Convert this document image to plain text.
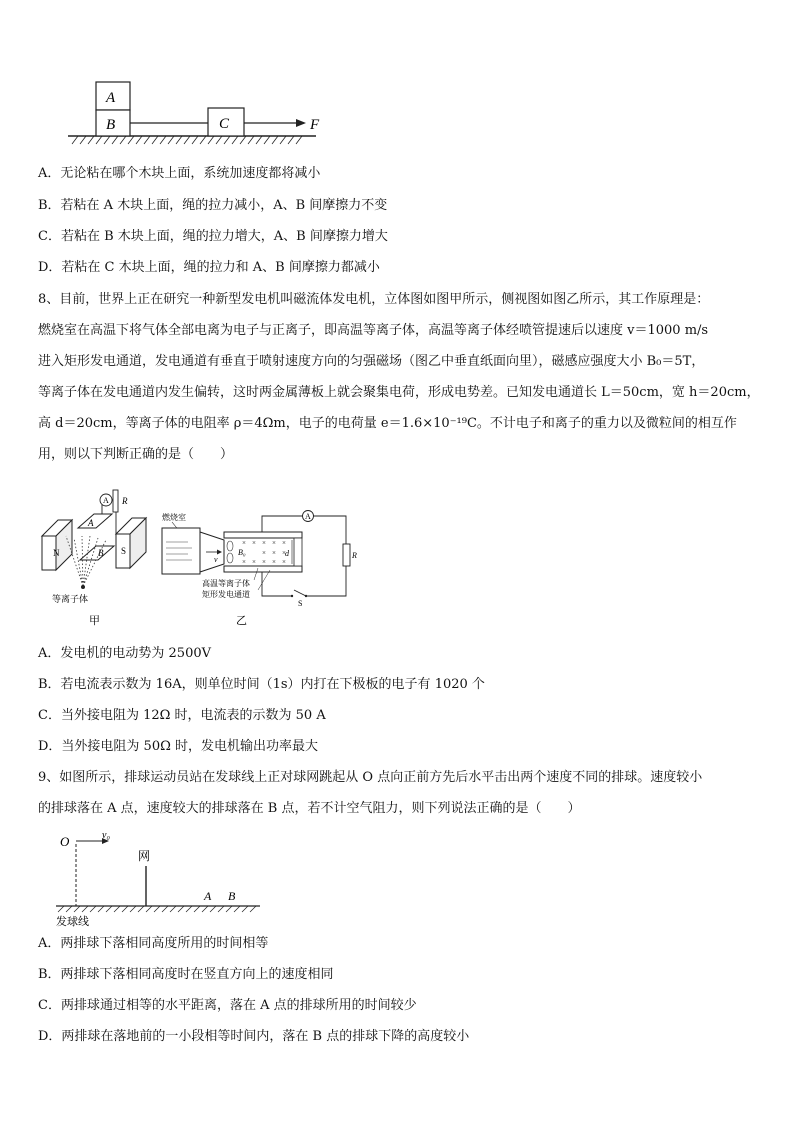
A
B	C	F
A．无论粘在哪个木块上面，系统加速度都将减小
B．若粘在 A 木块上面，绳的拉力减小，A、B 间摩擦力不变
C．若粘在 B 木块上面，绳的拉力增大，A、B 间摩擦力增大
D．若粘在 C 木块上面，绳的拉力和 A、B 间摩擦力都减小
8、目前，世界上正在研究一种新型发电机叫磁流体发电机，立体图如图甲所示，侧视图如图乙所示，其工作原理是：
燃烧室在高温下将气体全部电离为电子与正离子，即高温等离子体，高温等离子体经喷管提速后以速度 v＝1000 m/s
进入矩形发电通道，发电通道有垂直于喷射速度方向的匀强磁场（图乙中垂直纸面向里），磁感应强度大小 B₀＝5T，
等离子体在发电通道内发生偏转，这时两金属薄板上就会聚集电荷，形成电势差。已知发电通道长 L＝50cm，宽 h＝20cm，
高 d＝20cm，等离子体的电阻率 ρ＝4Ωm，电子的电荷量 e＝1.6×10⁻¹⁹C。不计电子和离子的重力以及微粒间的相互作
用，则以下判断正确的是（　　）
N	S
A
B
A R
等离子体
甲
燃烧室
v
× × × × ×
× × ×
× × × × ×
B₀	d
A
R
S
高温等离子体
矩形发电通道
乙
A．发电机的电动势为 2500V
B．若电流表示数为 16A，则单位时间（1s）内打在下极板的电子有 1020 个
C．当外接电阻为 12Ω 时，电流表的示数为 50 A
D．当外接电阻为 50Ω 时，发电机输出功率最大
9、如图所示，排球运动员站在发球线上正对球网跳起从 O 点向正前方先后水平击出两个速度不同的排球。速度较小
的排球落在 A 点，速度较大的排球落在 B 点，若不计空气阻力，则下列说法正确的是（　　）
O	v₀
网
A B
发球线
A．两排球下落相同高度所用的时间相等
B．两排球下落相同高度时在竖直方向上的速度相同
C．两排球通过相等的水平距离，落在 A 点的排球所用的时间较少
D．两排球在落地前的一小段相等时间内，落在 B 点的排球下降的高度较小
